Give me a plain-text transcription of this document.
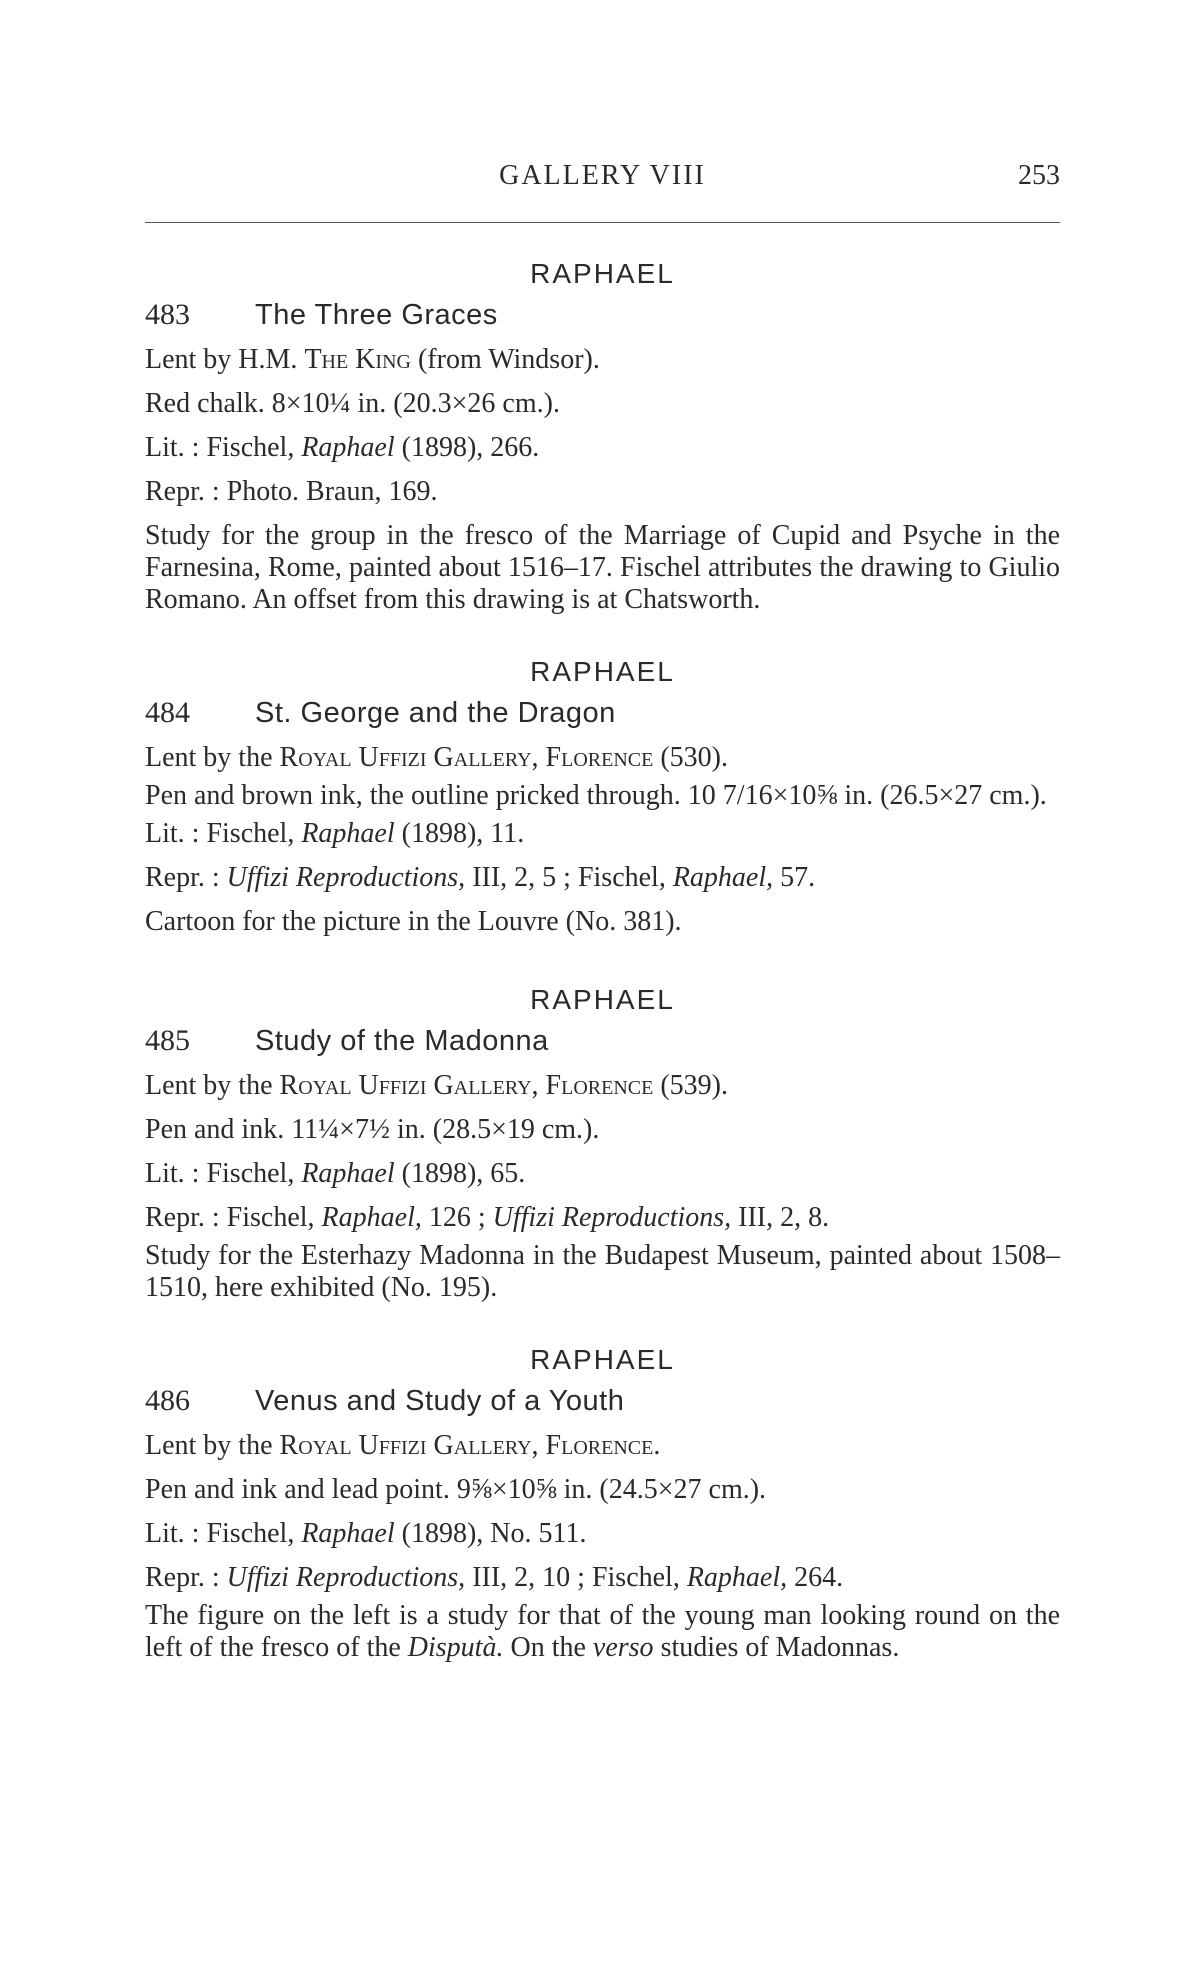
GALLERY VIII	253
RAPHAEL
483 The Three Graces
Lent by H.M. The King (from Windsor).
Red chalk. 8×10¼ in. (20.3×26 cm.).
Lit. : Fischel, Raphael (1898), 266.
Repr. : Photo. Braun, 169.
Study for the group in the fresco of the Marriage of Cupid and Psyche in the Farnesina, Rome, painted about 1516–17. Fischel attributes the drawing to Giulio Romano. An offset from this drawing is at Chatsworth.
RAPHAEL
484 St. George and the Dragon
Lent by the Royal Uffizi Gallery, Florence (530).
Pen and brown ink, the outline pricked through. 10 7/16×10⅝ in. (26.5×27 cm.).
Lit. : Fischel, Raphael (1898), 11.
Repr. : Uffizi Reproductions, III, 2, 5 ; Fischel, Raphael, 57.
Cartoon for the picture in the Louvre (No. 381).
RAPHAEL
485 Study of the Madonna
Lent by the Royal Uffizi Gallery, Florence (539).
Pen and ink. 11¼×7½ in. (28.5×19 cm.).
Lit. : Fischel, Raphael (1898), 65.
Repr. : Fischel, Raphael, 126 ; Uffizi Reproductions, III, 2, 8.
Study for the Esterhazy Madonna in the Budapest Museum, painted about 1508–1510, here exhibited (No. 195).
RAPHAEL
486 Venus and Study of a Youth
Lent by the Royal Uffizi Gallery, Florence.
Pen and ink and lead point. 9⅝×10⅝ in. (24.5×27 cm.).
Lit. : Fischel, Raphael (1898), No. 511.
Repr. : Uffizi Reproductions, III, 2, 10 ; Fischel, Raphael, 264.
The figure on the left is a study for that of the young man looking round on the left of the fresco of the Disputà. On the verso studies of Madonnas.
